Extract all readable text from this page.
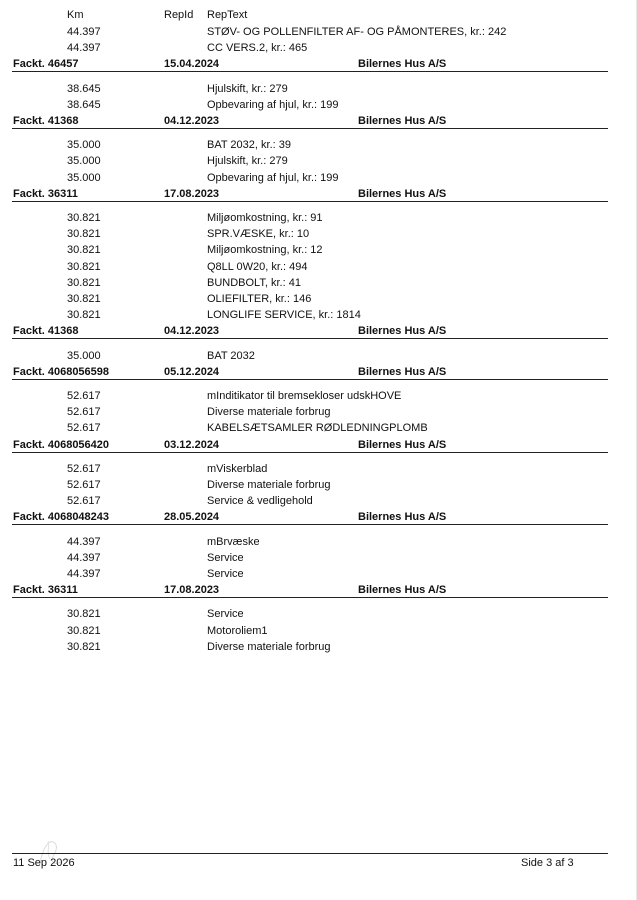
Km	RepId RepText
44.397	STØV- OG POLLENFILTER AF- OG PÅMONTERES, kr.: 242
44.397	CC VERS.2, kr.: 465
Fackt. 46457	15.04.2024	Bilernes Hus A/S
38.645	Hjulskift, kr.: 279
38.645	Opbevaring af hjul, kr.: 199
Fackt. 41368	04.12.2023	Bilernes Hus A/S
35.000	BAT 2032, kr.: 39
35.000	Hjulskift, kr.: 279
35.000	Opbevaring af hjul, kr.: 199
Fackt. 36311	17.08.2023	Bilernes Hus A/S
30.821	Miljøomkostning, kr.: 91
30.821	SPR.VÆSKE, kr.: 10
30.821	Miljøomkostning, kr.: 12
30.821	Q8LL 0W20, kr.: 494
30.821	BUNDBOLT, kr.: 41
30.821	OLIEFILTER, kr.: 146
30.821	LONGLIFE SERVICE, kr.: 1814
Fackt. 41368	04.12.2023	Bilernes Hus A/S
35.000	BAT 2032
Fackt. 4068056598	05.12.2024	Bilernes Hus A/S
52.617	mInditikator til bremsekloser udskHOVE
52.617	Diverse materiale forbrug
52.617	KABELSÆTSAMLER RØDLEDNINGPLOMB
Fackt. 4068056420	03.12.2024	Bilernes Hus A/S
52.617	mViskerblad
52.617	Diverse materiale forbrug
52.617	Service & vedligehold
Fackt. 4068048243	28.05.2024	Bilernes Hus A/S
44.397	mBrvæske
44.397	Service
44.397	Service
Fackt. 36311	17.08.2023	Bilernes Hus A/S
30.821	Service
30.821	Motoroliem1
30.821	Diverse materiale forbrug
11 Sep 2026	Side 3 af 3
